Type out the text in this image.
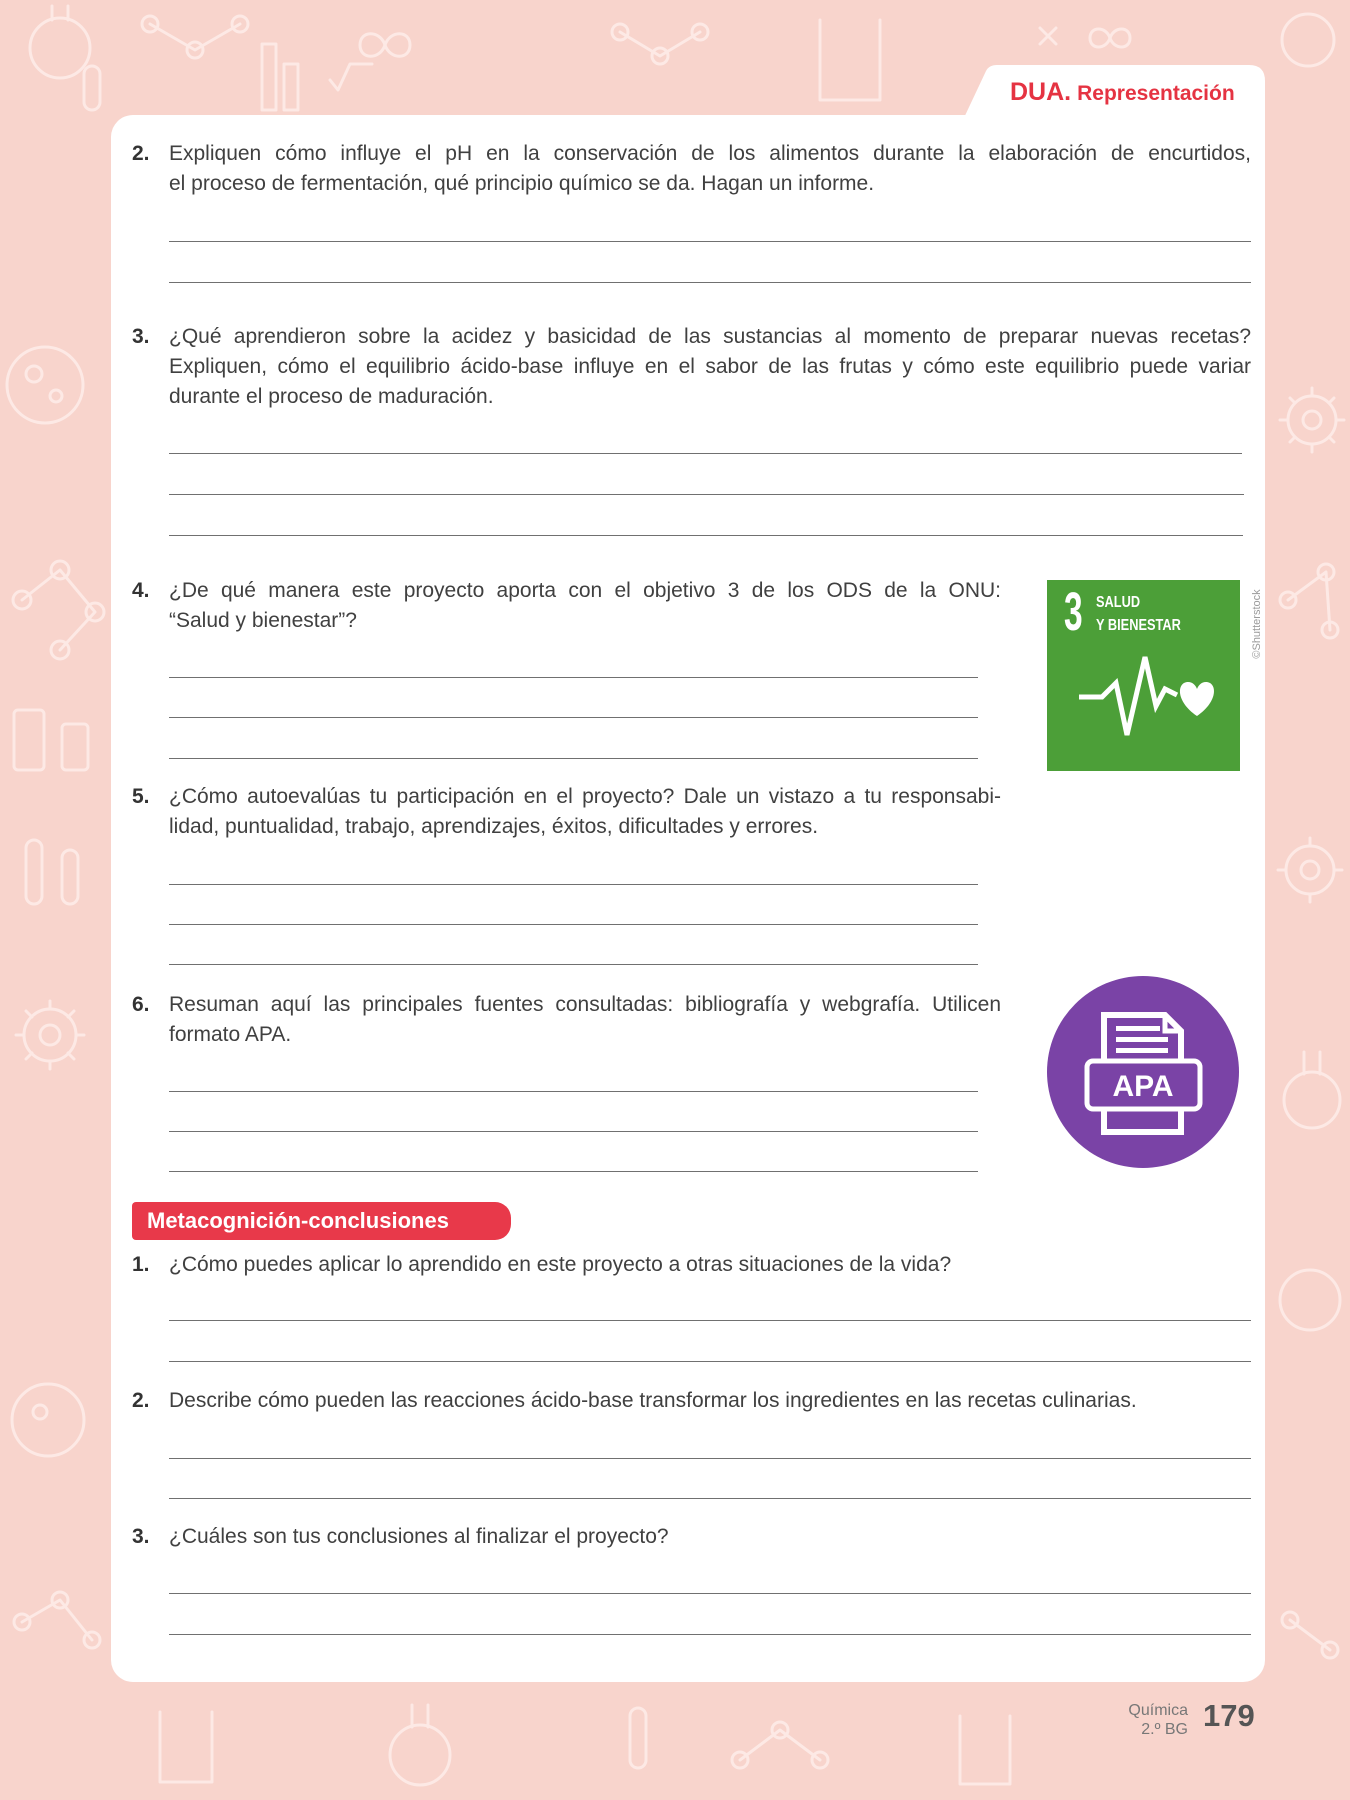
DUA. Representación
2. Expliquen cómo influye el pH en la conservación de los alimentos durante la elaboración de encurtidos,
el proceso de fermentación, qué principio químico se da. Hagan un informe.
3. ¿Qué aprendieron sobre la acidez y basicidad de las sustancias al momento de preparar nuevas recetas?
Expliquen, cómo el equilibrio ácido-base influye en el sabor de las frutas y cómo este equilibrio puede variar
durante el proceso de maduración.
4. ¿De qué manera este proyecto aporta con el objetivo 3 de los ODS de la ONU:
“Salud y bienestar”?	3 SALUD
Y BIENESTAR	©Shutterstock
5. ¿Cómo autoevalúas tu participación en el proyecto? Dale un vistazo a tu responsabi-
lidad, puntualidad, trabajo, aprendizajes, éxitos, dificultades y errores.
6. Resuman aquí las principales fuentes consultadas: bibliografía y webgrafía. Utilicen
formato APA.
APA
Metacognición-conclusiones
1. ¿Cómo puedes aplicar lo aprendido en este proyecto a otras situaciones de la vida?
2. Describe cómo pueden las reacciones ácido-base transformar los ingredientes en las recetas culinarias.
3. ¿Cuáles son tus conclusiones al finalizar el proyecto?
Química
2.º BG 179
